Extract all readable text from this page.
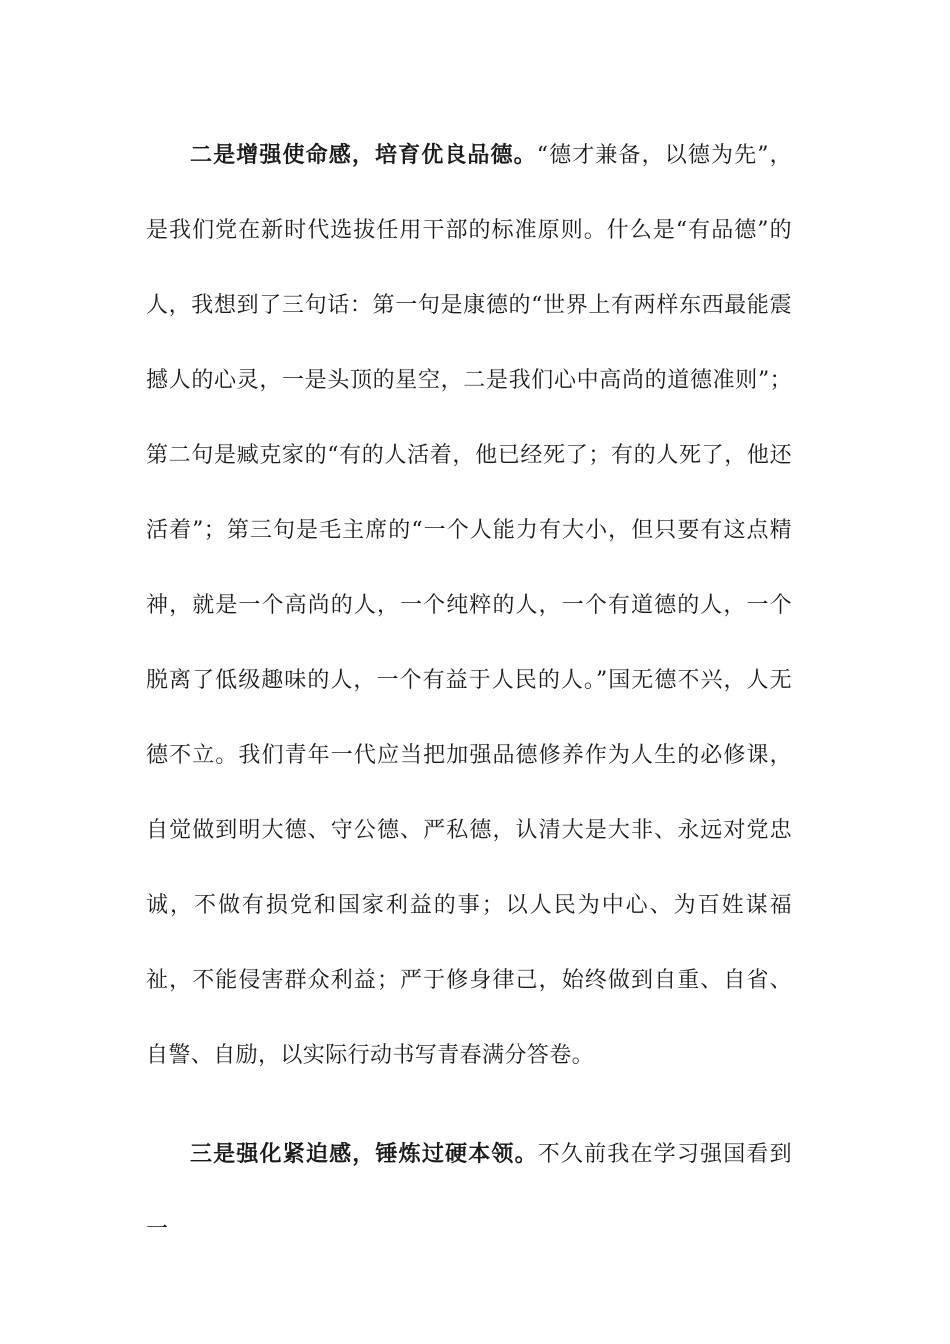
二是增强使命感，培育优良品德。“德才兼备，以德为先”，是我们党在新时代选拔任用干部的标准原则。什么是“有品德”的人，我想到了三句话：第一句是康德的“世界上有两样东西最能震撼人的心灵，一是头顶的星空，二是我们心中高尚的道德准则”；第二句是臧克家的“有的人活着，他已经死了；有的人死了，他还活着”；第三句是毛主席的“一个人能力有大小，但只要有这点精神，就是一个高尚的人，一个纯粹的人，一个有道德的人，一个脱离了低级趣味的人，一个有益于人民的人。”国无德不兴，人无德不立。我们青年一代应当把加强品德修养作为人生的必修课，自觉做到明大德、守公德、严私德，认清大是大非、永远对党忠诚，不做有损党和国家利益的事；以人民为中心、为百姓谋福祉，不能侵害群众利益；严于修身律己，始终做到自重、自省、自警、自励，以实际行动书写青春满分答卷。

三是强化紧迫感，锤炼过硬本领。不久前我在学习强国看到一
